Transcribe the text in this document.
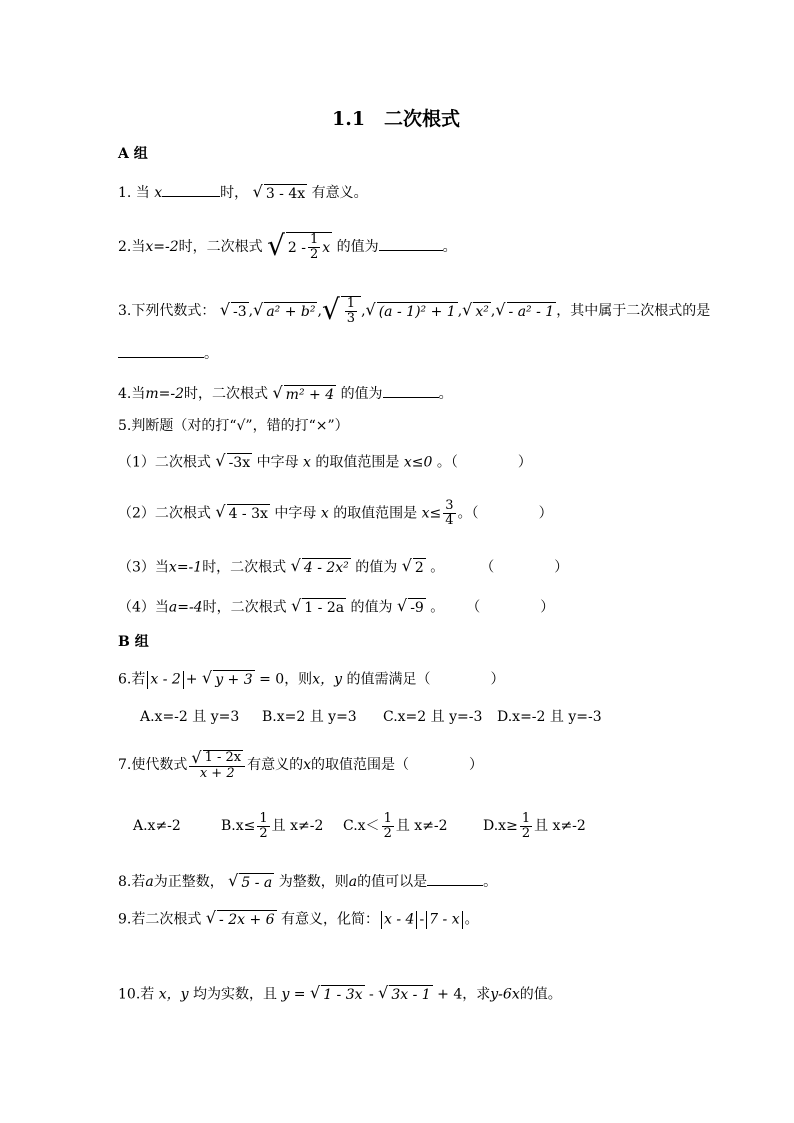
1.1　二次根式
A 组
1. 当 x	时， √ 3 - 4x 有意义。
2.当x=-2时，二次根式 √ $2 - \frac{1}{2}$ x 的值为	。
3.下列代数式： √ -3 , √ a² + b² , √ $\frac{1}{3}$ , √ (a - 1)² + 1 , √ x² , √ - a² - 1 ，其中属于二次根式的是
。
4.当m=-2时，二次根式 √ m² + 4 的值为	。
5.判断题（对的打“√”，错的打“×”）
（1）二次根式 √ -3x 中字母 x 的取值范围是 x≤0 。（	）
（2）二次根式 √ 4 - 3x 中字母 x 的取值范围是 $x\le \frac{3}{4}$ 。（	）
（3）当x=-1时，二次根式 √ 4 - 2x² 的值为 √ 2 。	（	）
（4）当a=-4时，二次根式 √ 1 - 2a 的值为 √ -9 。 （	）
B 组
6.若 x - 2 + √ y + 3 = 0，则x，y 的值需满足（	）
A.x=-2 且 y=3 B.x=2 且 y=3 C.x=2 且 y=-3 D.x=-2 且 y=-3
7.使代数式 $\frac{√ 1 - 2x}{x + 2}$ 有意义的 x 的取值范围是（	）
A.x≠-2	$B.x\le \frac{1}{2}$ 且 x≠-2 $C.x< \frac{1}{2}$ 且 x≠-2	$D.x\ge \frac{1}{2}$ 且 x≠-2
8.若a为正整数， √ 5 - a 为整数，则a的值可以是	。
9.若二次根式 √ - 2x + 6 有意义，化简： x - 4 - 7 - x 。
10.若 x，y 均为实数，且 y = √ 1 - 3x - √ 3x - 1 + 4，求y-6x的值。
